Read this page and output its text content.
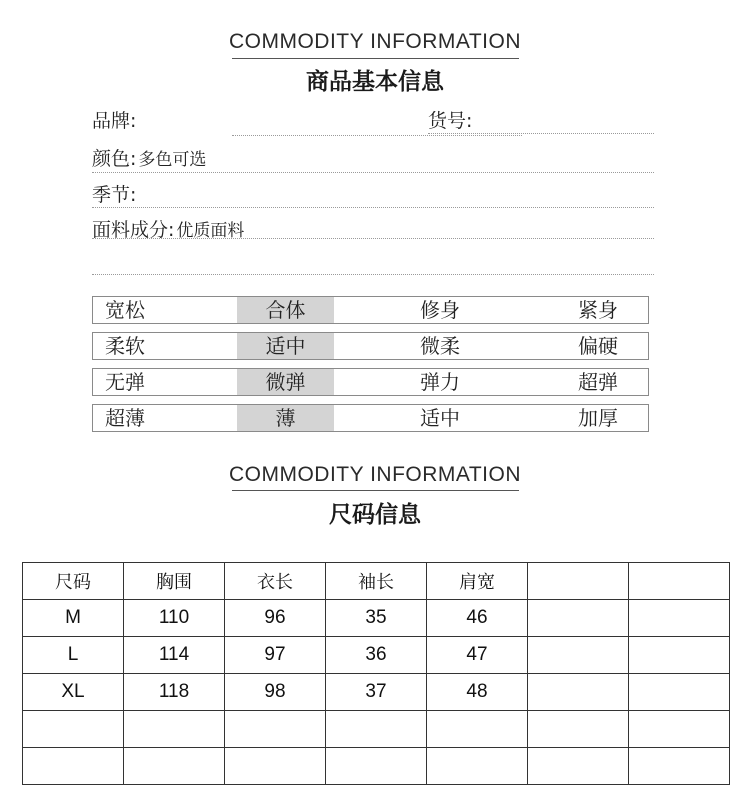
COMMODITY INFORMATION
商品基本信息
品牌:	货号:
颜色: 多色可选
季节:
面料成分: 优质面料
宽松	合体	修身	紧身
柔软	适中	微柔	偏硬
无弹	微弹	弹力	超弹
超薄	薄	适中	加厚
COMMODITY INFORMATION
尺码信息
尺码	胸围	衣长	袖长	肩宽		
M	110	96	35	46		
L	114	97	36	47		
XL	118	98	37	48		
